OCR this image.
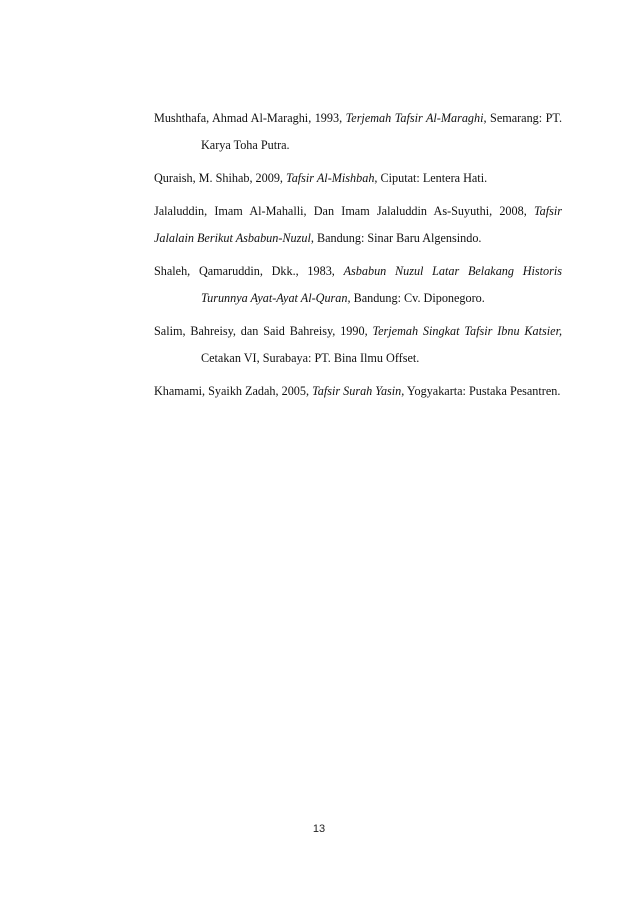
Mushthafa, Ahmad Al-Maraghi, 1993, Terjemah Tafsir Al-Maraghi, Semarang: PT. Karya Toha Putra.

Quraish, M. Shihab, 2009, Tafsir Al-Mishbah, Ciputat: Lentera Hati.

Jalaluddin, Imam Al-Mahalli, Dan Imam Jalaluddin As-Suyuthi, 2008, Tafsir Jalalain Berikut Asbabun-Nuzul, Bandung: Sinar Baru Algensindo.

Shaleh, Qamaruddin, Dkk., 1983, Asbabun Nuzul Latar Belakang Historis Turunnya Ayat-Ayat Al-Quran, Bandung: Cv. Diponegoro.

Salim, Bahreisy, dan Said Bahreisy, 1990, Terjemah Singkat Tafsir Ibnu Katsier, Cetakan VI, Surabaya: PT. Bina Ilmu Offset.

Khamami, Syaikh Zadah, 2005, Tafsir Surah Yasin, Yogyakarta: Pustaka Pesantren.

13
